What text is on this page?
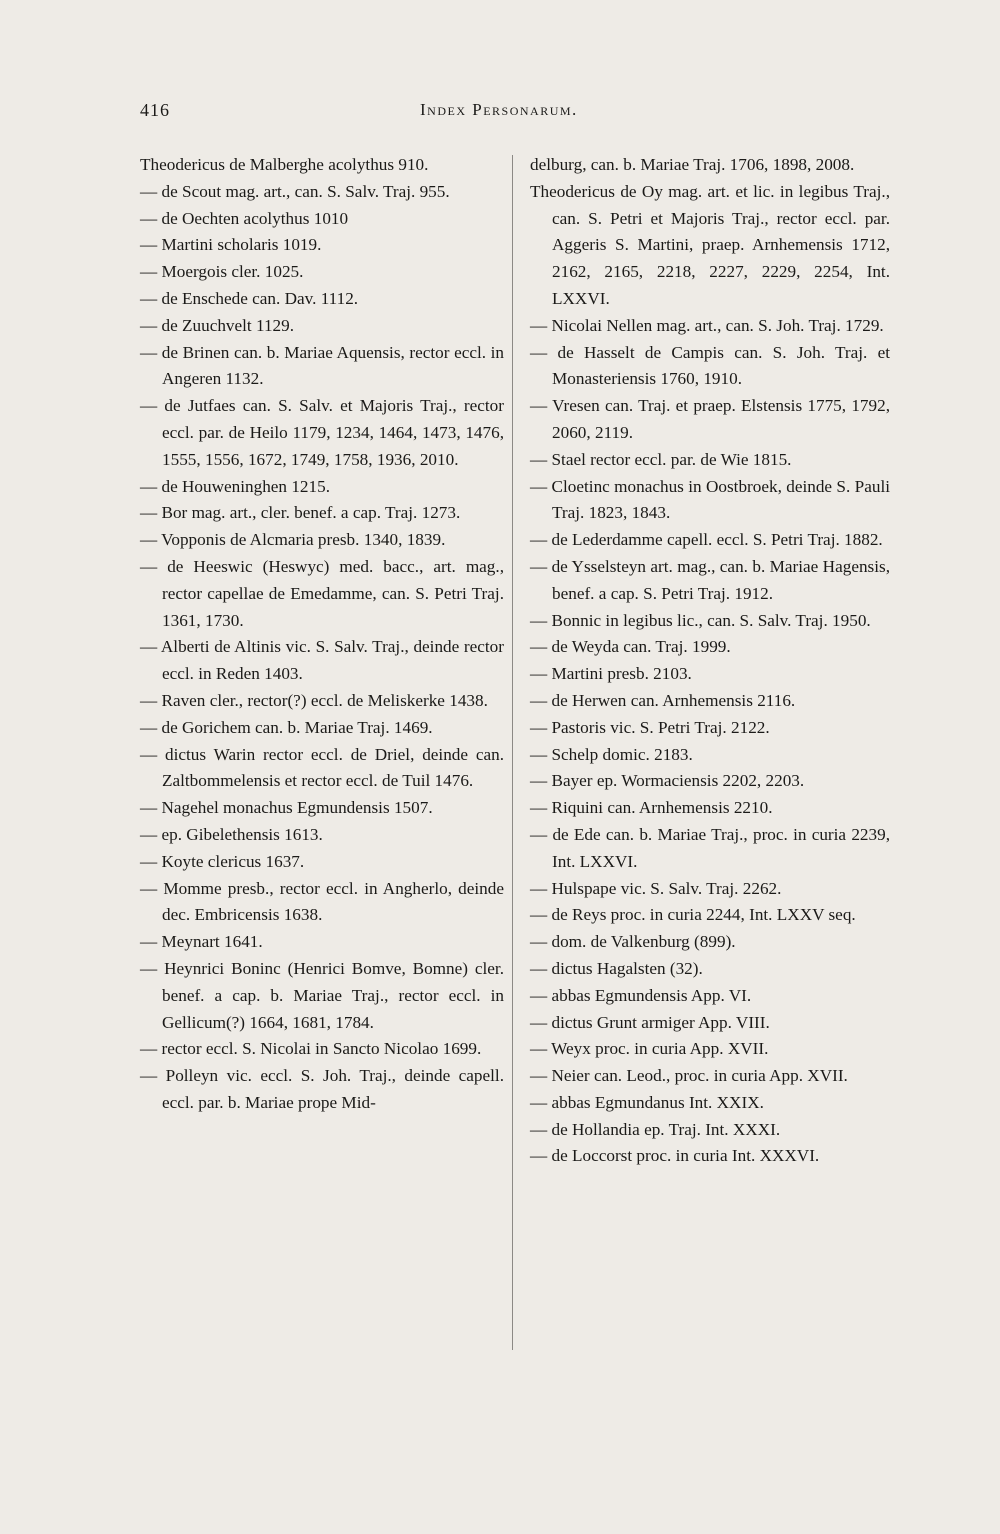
416	Index Personarum.

Theodericus de Malberghe acolythus 910.

— de Scout mag. art., can. S. Salv. Traj. 955.

— de Oechten acolythus 1010

— Martini scholaris 1019.

— Moergois cler. 1025.

— de Enschede can. Dav. 1112.

— de Zuuchvelt 1129.

— de Brinen can. b. Mariae Aquensis, rector eccl. in Angeren 1132.

— de Jutfaes can. S. Salv. et Majoris Traj., rector eccl. par. de Heilo 1179, 1234, 1464, 1473, 1476, 1555, 1556, 1672, 1749, 1758, 1936, 2010.

— de Houweninghen 1215.

— Bor mag. art., cler. benef. a cap. Traj. 1273.

— Vopponis de Alcmaria presb. 1340, 1839.

— de Heeswic (Heswyc) med. bacc., art. mag., rector capellae de Emedamme, can. S. Petri Traj. 1361, 1730.

— Alberti de Altinis vic. S. Salv. Traj., deinde rector eccl. in Reden 1403.

— Raven cler., rector(?) eccl. de Meliskerke 1438.

— de Gorichem can. b. Mariae Traj. 1469.

— dictus Warin rector eccl. de Driel, deinde can. Zaltbommelensis et rector eccl. de Tuil 1476.

— Nagehel monachus Egmundensis 1507.

— ep. Gibelethensis 1613.

— Koyte clericus 1637.

— Momme presb., rector eccl. in Angherlo, deinde dec. Embricensis 1638.

— Meynart 1641.

— Heynrici Boninc (Henrici Bomve, Bomne) cler. benef. a cap. b. Mariae Traj., rector eccl. in Gellicum(?) 1664, 1681, 1784.

— rector eccl. S. Nicolai in Sancto Nicolao 1699.

— Polleyn vic. eccl. S. Joh. Traj., deinde capell. eccl. par. b. Mariae prope Mid-

delburg, can. b. Mariae Traj. 1706, 1898, 2008.

Theodericus de Oy mag. art. et lic. in legibus Traj., can. S. Petri et Majoris Traj., rector eccl. par. Aggeris S. Martini, praep. Arnhemensis 1712, 2162, 2165, 2218, 2227, 2229, 2254, Int. LXXVI.

— Nicolai Nellen mag. art., can. S. Joh. Traj. 1729.

— de Hasselt de Campis can. S. Joh. Traj. et Monasteriensis 1760, 1910.

— Vresen can. Traj. et praep. Elstensis 1775, 1792, 2060, 2119.

— Stael rector eccl. par. de Wie 1815.

— Cloetinc monachus in Oostbroek, deinde S. Pauli Traj. 1823, 1843.

— de Lederdamme capell. eccl. S. Petri Traj. 1882.

— de Ysselsteyn art. mag., can. b. Mariae Hagensis, benef. a cap. S. Petri Traj. 1912.

— Bonnic in legibus lic., can. S. Salv. Traj. 1950.

— de Weyda can. Traj. 1999.

— Martini presb. 2103.

— de Herwen can. Arnhemensis 2116.

— Pastoris vic. S. Petri Traj. 2122.

— Schelp domic. 2183.

— Bayer ep. Wormaciensis 2202, 2203.

— Riquini can. Arnhemensis 2210.

— de Ede can. b. Mariae Traj., proc. in curia 2239, Int. LXXVI.

— Hulspape vic. S. Salv. Traj. 2262.

— de Reys proc. in curia 2244, Int. LXXV seq.

— dom. de Valkenburg (899).

— dictus Hagalsten (32).

— abbas Egmundensis App. VI.

— dictus Grunt armiger App. VIII.

— Weyx proc. in curia App. XVII.

— Neier can. Leod., proc. in curia App. XVII.

— abbas Egmundanus Int. XXIX.

— de Hollandia ep. Traj. Int. XXXI.

— de Loccorst proc. in curia Int. XXXVI.
